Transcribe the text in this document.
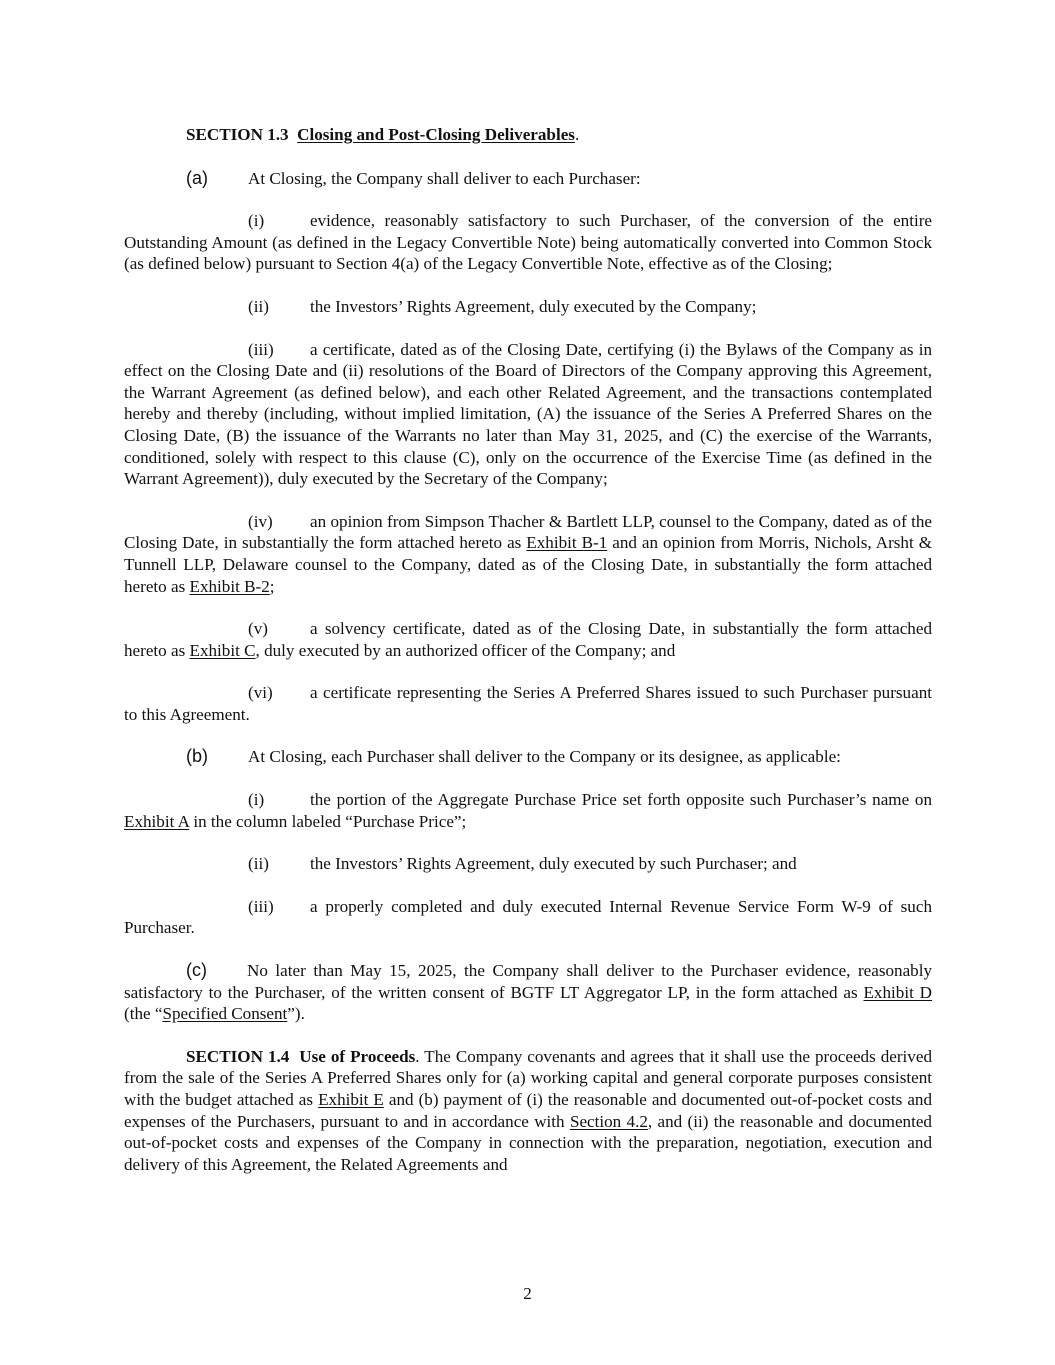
SECTION 1.3 Closing and Post-Closing Deliverables.

(a) At Closing, the Company shall deliver to each Purchaser:

(i)	evidence, reasonably satisfactory to such Purchaser, of the conversion of the entire Outstanding Amount (as defined in the Legacy Convertible Note) being automatically converted into Common Stock (as defined below) pursuant to Section 4(a) of the Legacy Convertible Note, effective as of the Closing;

(ii) the Investors’ Rights Agreement, duly executed by the Company;

(iii) a certificate, dated as of the Closing Date, certifying (i) the Bylaws of the Company as in effect on the Closing Date and (ii) resolutions of the Board of Directors of the Company approving this Agreement, the Warrant Agreement (as defined below), and each other Related Agreement, and the transactions contemplated hereby and thereby (including, without implied limitation, (A) the issuance of the Series A Preferred Shares on the Closing Date, (B) the issuance of the Warrants no later than May 31, 2025, and (C) the exercise of the Warrants, conditioned, solely with respect to this clause (C), only on the occurrence of the Exercise Time (as defined in the Warrant Agreement)), duly executed by the Secretary of the Company;

(iv) an opinion from Simpson Thacher & Bartlett LLP, counsel to the Company, dated as of the Closing Date, in substantially the form attached hereto as Exhibit B-1 and an opinion from Morris, Nichols, Arsht & Tunnell LLP, Delaware counsel to the Company, dated as of the Closing Date, in substantially the form attached hereto as Exhibit B-2;

(v) a solvency certificate, dated as of the Closing Date, in substantially the form attached hereto as Exhibit C, duly executed by an authorized officer of the Company; and

(vi) a certificate representing the Series A Preferred Shares issued to such Purchaser pursuant to this Agreement.

(b) At Closing, each Purchaser shall deliver to the Company or its designee, as applicable:

(i)	the portion of the Aggregate Purchase Price set forth opposite such Purchaser’s name on Exhibit A in the column labeled “Purchase Price”;

(ii) the Investors’ Rights Agreement, duly executed by such Purchaser; and

(iii) a properly completed and duly executed Internal Revenue Service Form W-9 of such Purchaser.

(c) No later than May 15, 2025, the Company shall deliver to the Purchaser evidence, reasonably satisfactory to the Purchaser, of the written consent of BGTF LT Aggregator LP, in the form attached as Exhibit D (the “Specified Consent”).

SECTION 1.4 Use of Proceeds. The Company covenants and agrees that it shall use the proceeds derived from the sale of the Series A Preferred Shares only for (a) working capital and general corporate purposes consistent with the budget attached as Exhibit E and (b) payment of (i) the reasonable and documented out-of-pocket costs and expenses of the Purchasers, pursuant to and in accordance with Section 4.2, and (ii) the reasonable and documented out-of-pocket costs and expenses of the Company in connection with the preparation, negotiation, execution and delivery of this Agreement, the Related Agreements and

2
